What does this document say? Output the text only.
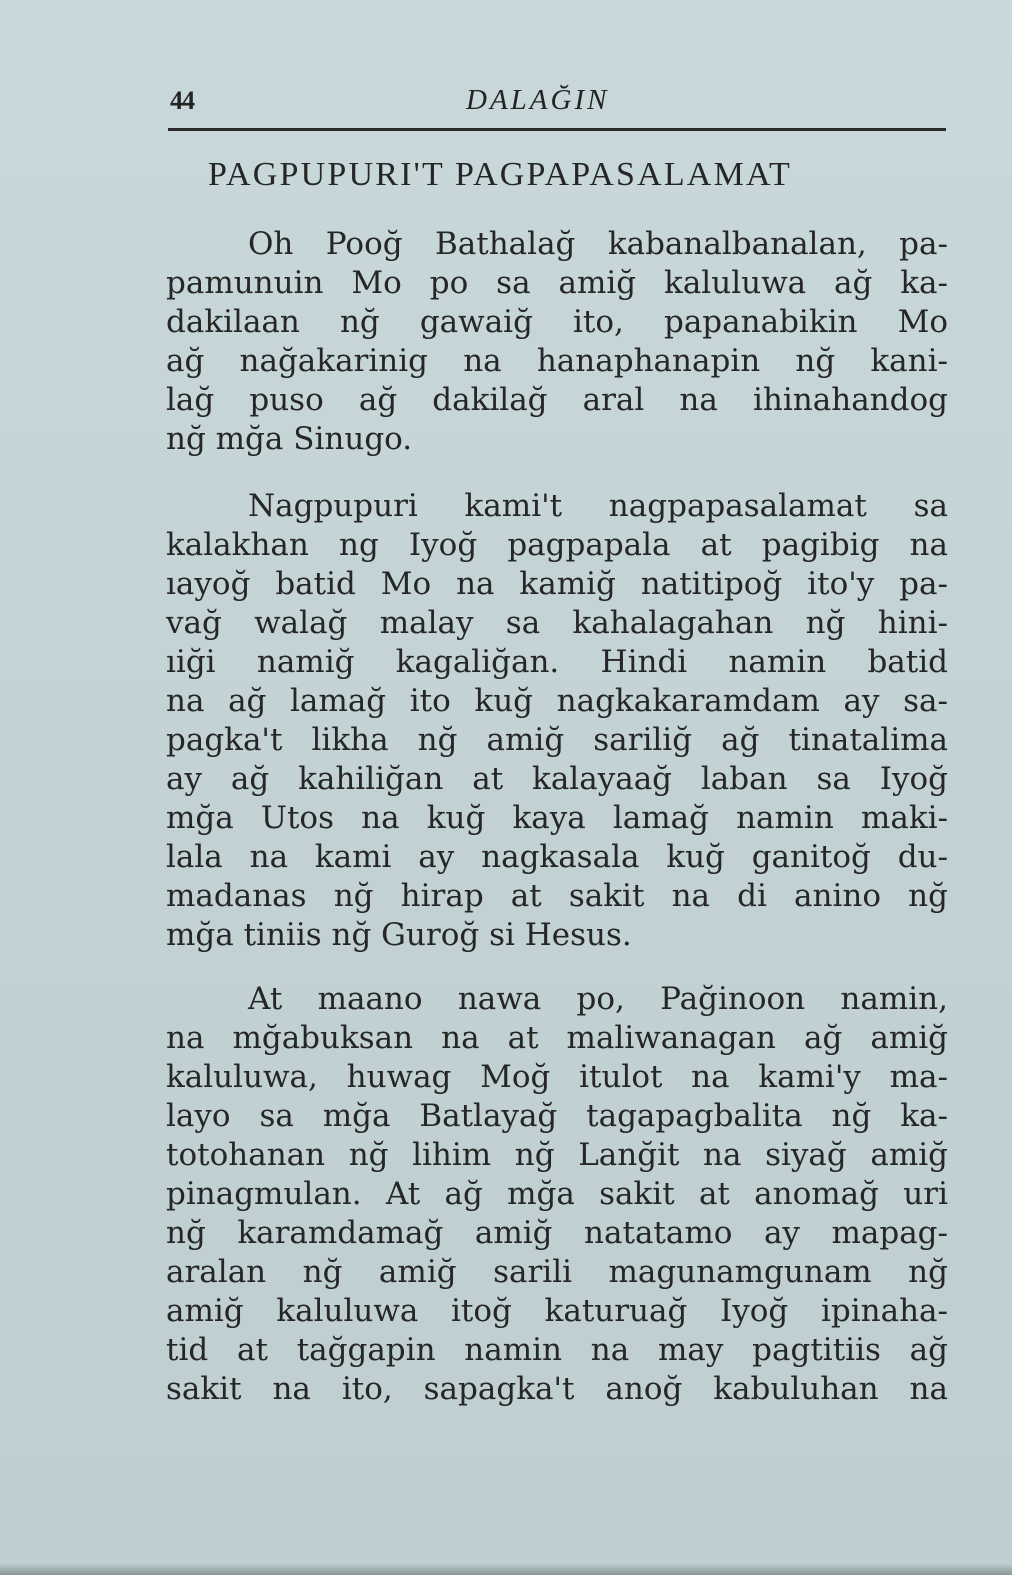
44	DALAĞIN
PAGPUPURI'T PAGPAPASALAMAT
Oh Pooğ Bathalağ kabanalbanalan, pa-
pamunuin Mo po sa amiğ kaluluwa ağ ka-
dakilaan nğ gawaiğ ito, papanabikin Mo
ağ nağakarinig na hanaphanapin nğ kani-
lağ puso ağ dakilağ aral na ihinahandog
nğ mğa Sinugo.
Nagpupuri kami't nagpapasalamat sa
kalakhan ng Iyoğ pagpapala at pagibig na
ıayoğ batid Mo na kamiğ natitipoğ ito'y pa-
vağ walağ malay sa kahalagahan nğ hini-
ıiği namiğ kagaliğan. Hindi namin batid
na ağ lamağ ito kuğ nagkakaramdam ay sa-
pagka't likha nğ amiğ sariliğ ağ tinatalima
ay ağ kahiliğan at kalayaağ laban sa Iyoğ
mğa Utos na kuğ kaya lamağ namin maki-
lala na kami ay nagkasala kuğ ganitoğ du-
madanas nğ hirap at sakit na di anino nğ
mğa tiniis nğ Guroğ si Hesus.
At maano nawa po, Pağinoon namin,
na mğabuksan na at maliwanagan ağ amiğ
kaluluwa, huwag Moğ itulot na kami'y ma-
layo sa mğa Batlayağ tagapagbalita nğ ka-
totohanan nğ lihim nğ Lanğit na siyağ amiğ
pinagmulan. At ağ mğa sakit at anomağ uri
nğ karamdamağ amiğ natatamo ay mapag-
aralan nğ amiğ sarili magunamgunam nğ
amiğ kaluluwa itoğ katuruağ Iyoğ ipinaha-
tid at tağgapin namin na may pagtitiis ağ
sakit na ito, sapagka't anoğ kabuluhan na
